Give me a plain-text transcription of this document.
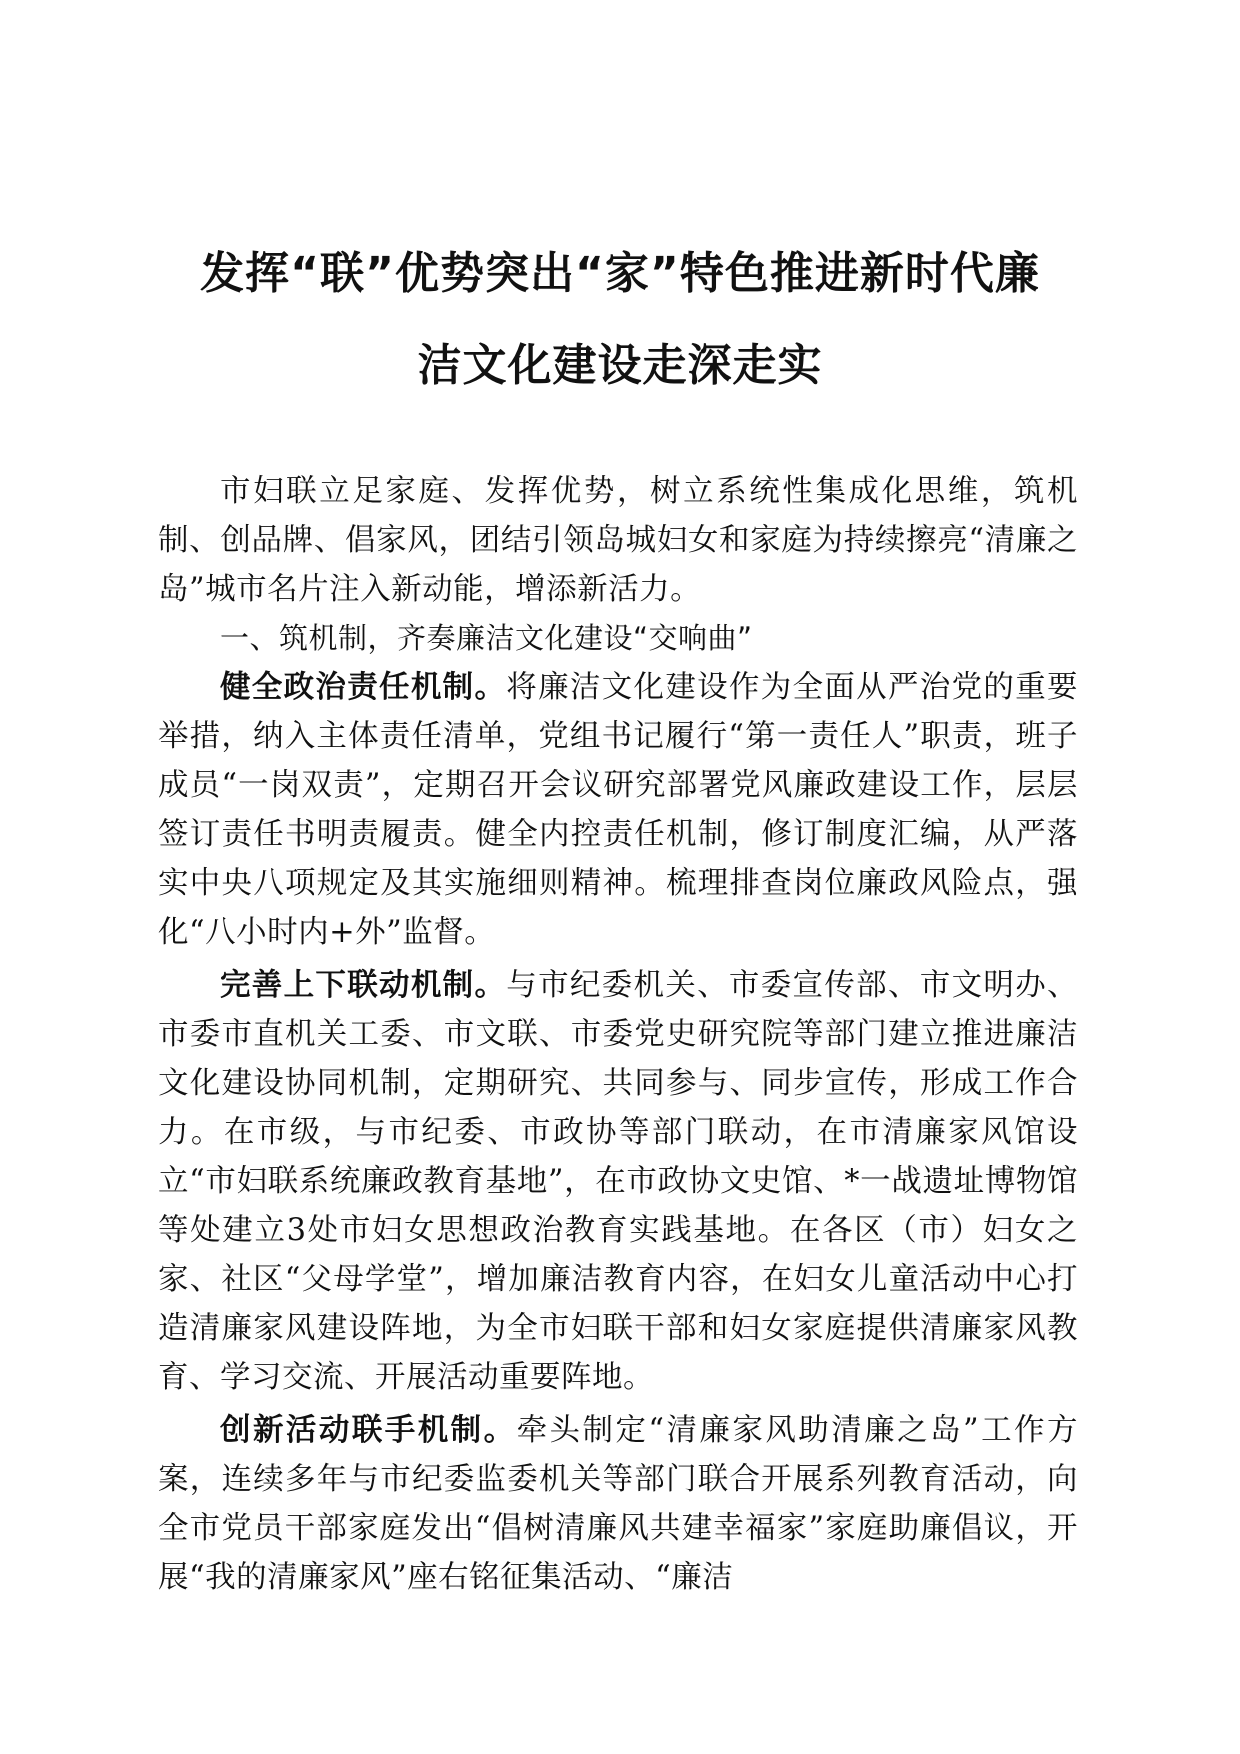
发挥“联”优势突出“家”特色推进新时代廉
洁文化建设走深走实

市妇联立足家庭、发挥优势，树立系统性集成化思维，筑机制、创品牌、倡家风，团结引领岛城妇女和家庭为持续擦亮“清廉之岛”城市名片注入新动能，增添新活力。

一、筑机制，齐奏廉洁文化建设“交响曲”

健全政治责任机制。将廉洁文化建设作为全面从严治党的重要举措，纳入主体责任清单，党组书记履行“第一责任人”职责，班子成员“一岗双责”，定期召开会议研究部署党风廉政建设工作，层层签订责任书明责履责。健全内控责任机制，修订制度汇编，从严落实中央八项规定及其实施细则精神。梳理排查岗位廉政风险点，强化“八小时内+外”监督。

完善上下联动机制。与市纪委机关、市委宣传部、市文明办、市委市直机关工委、市文联、市委党史研究院等部门建立推进廉洁文化建设协同机制，定期研究、共同参与、同步宣传，形成工作合力。在市级，与市纪委、市政协等部门联动，在市清廉家风馆设立“市妇联系统廉政教育基地”，在市政协文史馆、*一战遗址博物馆等处建立3处市妇女思想政治教育实践基地。在各区（市）妇女之家、社区“父母学堂”，增加廉洁教育内容，在妇女儿童活动中心打造清廉家风建设阵地，为全市妇联干部和妇女家庭提供清廉家风教育、学习交流、开展活动重要阵地。

创新活动联手机制。牵头制定“清廉家风助清廉之岛”工作方案，连续多年与市纪委监委机关等部门联合开展系列教育活动，向全市党员干部家庭发出“倡树清廉风共建幸福家”家庭助廉倡议，开展“我的清廉家风”座右铭征集活动、“廉洁
